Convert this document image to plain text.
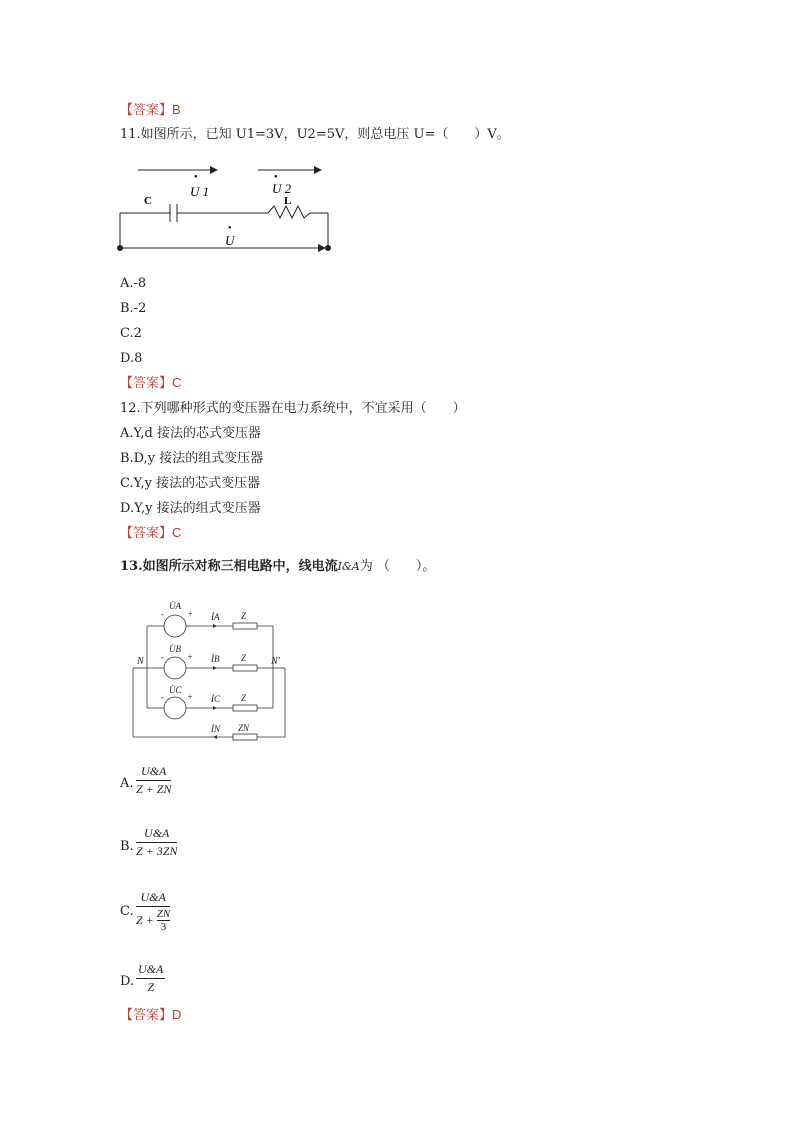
【答案】B
11.如图所示，已知 U1=3V，U2=5V，则总电压 U=（　　）V。
C	L
•
U 1
•
U 2
•
U
A.-8
B.-2
C.2
D.8
【答案】C
12.下列哪种形式的变压器在电力系统中，不宜采用（　　）
A.Y,d 接法的芯式变压器
B.D,y 接法的组式变压器
C.Y,y 接法的芯式变压器
D.Y,y 接法的组式变压器
【答案】C
13.如图所示对称三相电路中，线电流I&A为 （　　）。
U̇A
-	+ İA Z
U̇B
-	+ İB Z
U̇C
-	+ İC Z
İN ZN
N	N′
A. $\frac{U\&A}{Z + ZN}$
B. $\frac{U\&A}{Z + 3ZN}$
C. $\frac{U\&A}{Z + \frac{ZN}{3}}$
D. $\frac{U\&A}{Z}$
【答案】D
